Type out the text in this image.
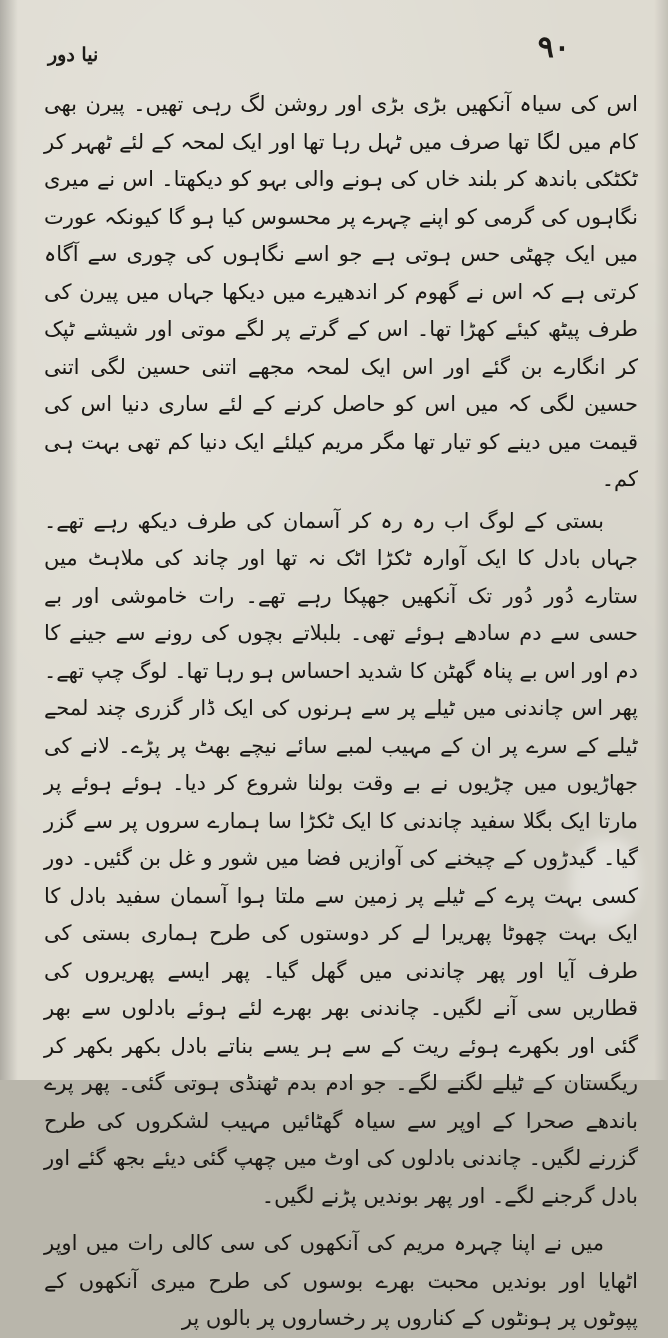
نیا دور	۹۰

اس کی سیاہ آنکھیں بڑی بڑی اور روشن لگ رہی تھیں۔ پیرن بھی کام میں لگا تھا صرف میں ٹہل رہا تھا اور ایک لمحہ کے لئے ٹھہر کر ٹکٹکی باندھ کر بلند خاں کی ہونے والی بہو کو دیکھتا۔ اس نے میری نگاہوں کی گرمی کو اپنے چہرے پر محسوس کیا ہو گا کیونکہ عورت میں ایک چھٹی حس ہوتی ہے جو اسے نگاہوں کی چوری سے آگاہ کرتی ہے کہ اس نے گھوم کر اندھیرے میں دیکھا جہاں میں پیرن کی طرف پیٹھ کیئے کھڑا تھا۔ اس کے گرتے پر لگے موتی اور شیشے ٹپک کر انگارے بن گئے اور اس ایک لمحہ مجھے اتنی حسین لگی اتنی حسین لگی کہ میں اس کو حاصل کرنے کے لئے ساری دنیا اس کی قیمت میں دینے کو تیار تھا مگر مریم کیلئے ایک دنیا کم تھی بہت ہی کم۔

بستی کے لوگ اب رہ رہ کر آسمان کی طرف دیکھ رہے تھے۔ جہاں بادل کا ایک آوارہ ٹکڑا اٹک نہ تھا اور چاند کی ملاہٹ میں ستارے دُور دُور تک آنکھیں جھپکا رہے تھے۔ رات خاموشی اور بے حسی سے دم سادھے ہوئے تھی۔ بلبلاتے بچوں کی رونے سے جینے کا دم اور اس بے پناہ گھٹن کا شدید احساس ہو رہا تھا۔ لوگ چپ تھے۔ پھر اس چاندنی میں ٹیلے پر سے ہرنوں کی ایک ڈار گزری چند لمحے ٹیلے کے سرے پر ان کے مہیب لمبے سائے نیچے بھٹ پر پڑے۔ لانے کی جھاڑیوں میں چڑیوں نے بے وقت بولنا شروع کر دیا۔ ہوئے ہوئے پر مارتا ایک بگلا سفید چاندنی کا ایک ٹکڑا سا ہمارے سروں پر سے گزر گیا۔ گیدڑوں کے چیخنے کی آوازیں فضا میں شور و غل بن گئیں۔ دور کسی بہت پرے کے ٹیلے پر زمین سے ملتا ہوا آسمان سفید بادل کا ایک بہت چھوٹا پھریرا لے کر دوستوں کی طرح ہماری بستی کی طرف آیا اور پھر چاندنی میں گھل گیا۔ پھر ایسے پھریروں کی قطاریں سی آنے لگیں۔ چاندنی بھر بھرے لئے ہوئے بادلوں سے بھر گئی اور بکھرے ہوئے ریت کے سے ہر یسے بناتے بادل بکھر بکھر کر ریگستان کے ٹیلے لگنے لگے۔ جو ادم بدم ٹھنڈی ہوتی گئی۔ پھر پرے باندھے صحرا کے اوپر سے سیاہ گھٹائیں مہیب لشکروں کی طرح گزرنے لگیں۔ چاندنی بادلوں کی اوٹ میں چھپ گئی دیئے بجھ گئے اور بادل گرجنے لگے۔ اور پھر بوندیں پڑنے لگیں۔

میں نے اپنا چہرہ مریم کی آنکھوں کی سی کالی رات میں اوپر اٹھایا اور بوندیں محبت بھرے بوسوں کی طرح میری آنکھوں کے پپوٹوں پر ہونٹوں کے کناروں پر رخساروں پر بالوں پر
